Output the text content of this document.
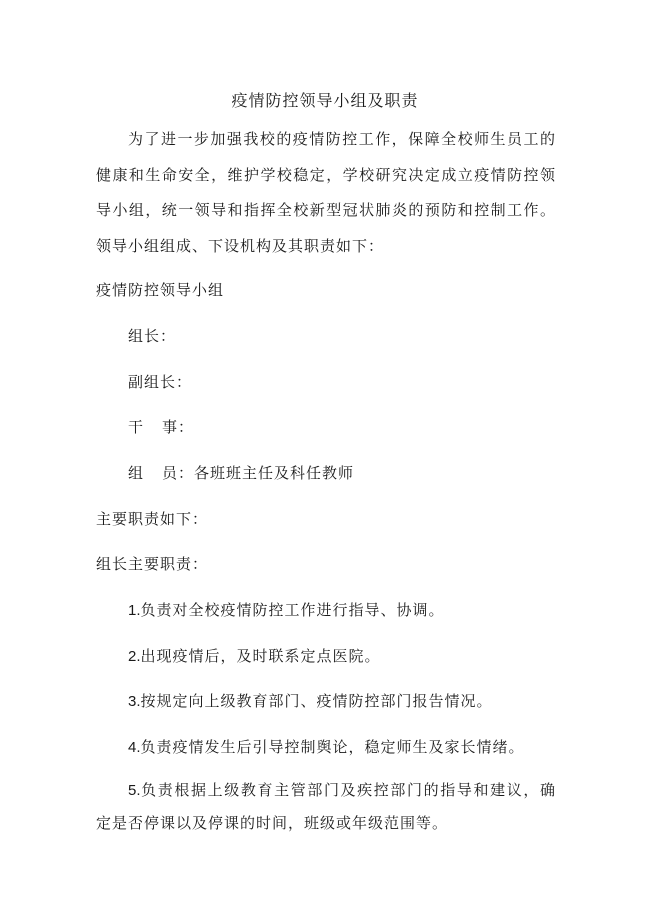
疫情防控领导小组及职责
为了进一步加强我校的疫情防控工作，保障全校师生员工的健康和生命安全，维护学校稳定，学校研究决定成立疫情防控领导小组，统一领导和指挥全校新型冠状肺炎的预防和控制工作。领导小组组成、下设机构及其职责如下：
疫情防控领导小组
组长：
副组长：
干 事：
组 员：各班班主任及科任教师
主要职责如下：
组长主要职责：
1.负责对全校疫情防控工作进行指导、协调。
2.出现疫情后，及时联系定点医院。
3.按规定向上级教育部门、疫情防控部门报告情况。
4.负责疫情发生后引导控制舆论，稳定师生及家长情绪。
5.负责根据上级教育主管部门及疾控部门的指导和建议，确定是否停课以及停课的时间，班级或年级范围等。
